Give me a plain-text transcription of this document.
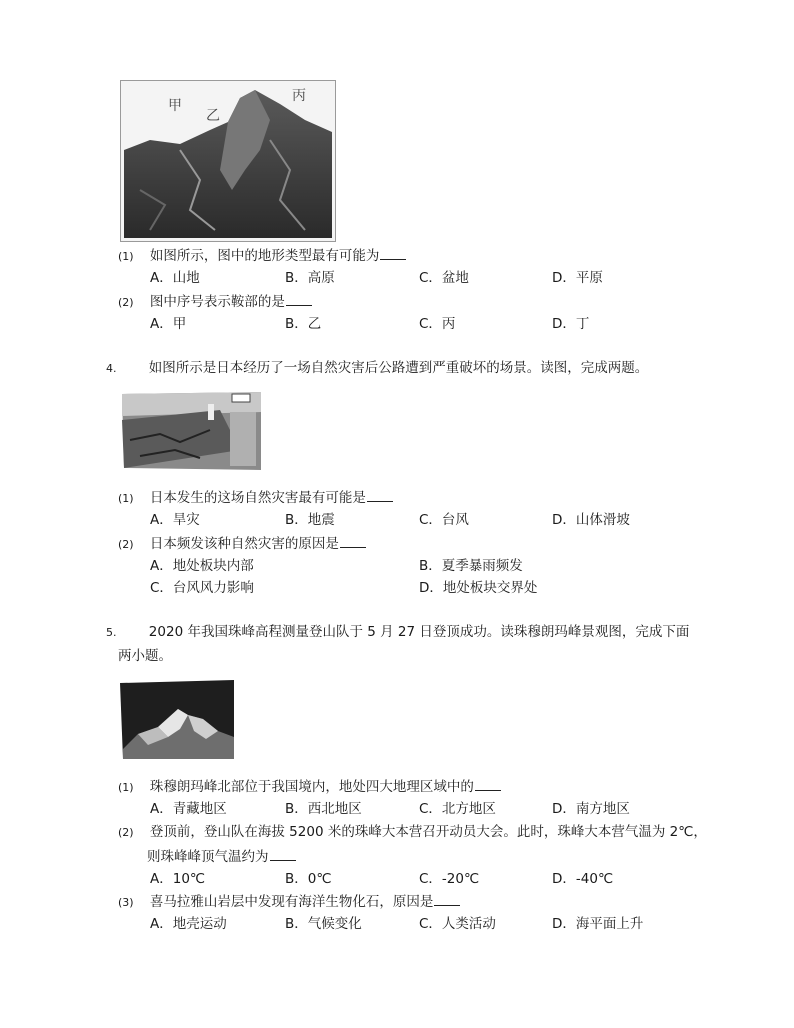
甲
乙
丙
(1) 如图所示，图中的地形类型最有可能为
A．山地	B．高原	C．盆地	D．平原
(2) 图中序号表示鞍部的是
A．甲	B．乙	C．丙	D．丁
4. 如图所示是日本经历了一场自然灾害后公路遭到严重破坏的场景。读图，完成两题。
(1) 日本发生的这场自然灾害最有可能是
A．旱灾	B．地震	C．台风	D．山体滑坡
(2) 日本频发该种自然灾害的原因是
A．地处板块内部	B．夏季暴雨频发
C．台风风力影响	D．地处板块交界处
5. 2020 年我国珠峰高程测量登山队于 5 月 27 日登顶成功。读珠穆朗玛峰景观图，完成下面
两小题。
(1) 珠穆朗玛峰北部位于我国境内，地处四大地理区域中的
A．青藏地区	B．西北地区	C．北方地区	D．南方地区
(2) 登顶前，登山队在海拔 5200 米的珠峰大本营召开动员大会。此时，珠峰大本营气温为 2℃，
则珠峰峰顶气温约为
A．10℃	B．0℃	C．-20℃	D．-40℃
(3) 喜马拉雅山岩层中发现有海洋生物化石，原因是
A．地壳运动	B．气候变化	C．人类活动	D．海平面上升
